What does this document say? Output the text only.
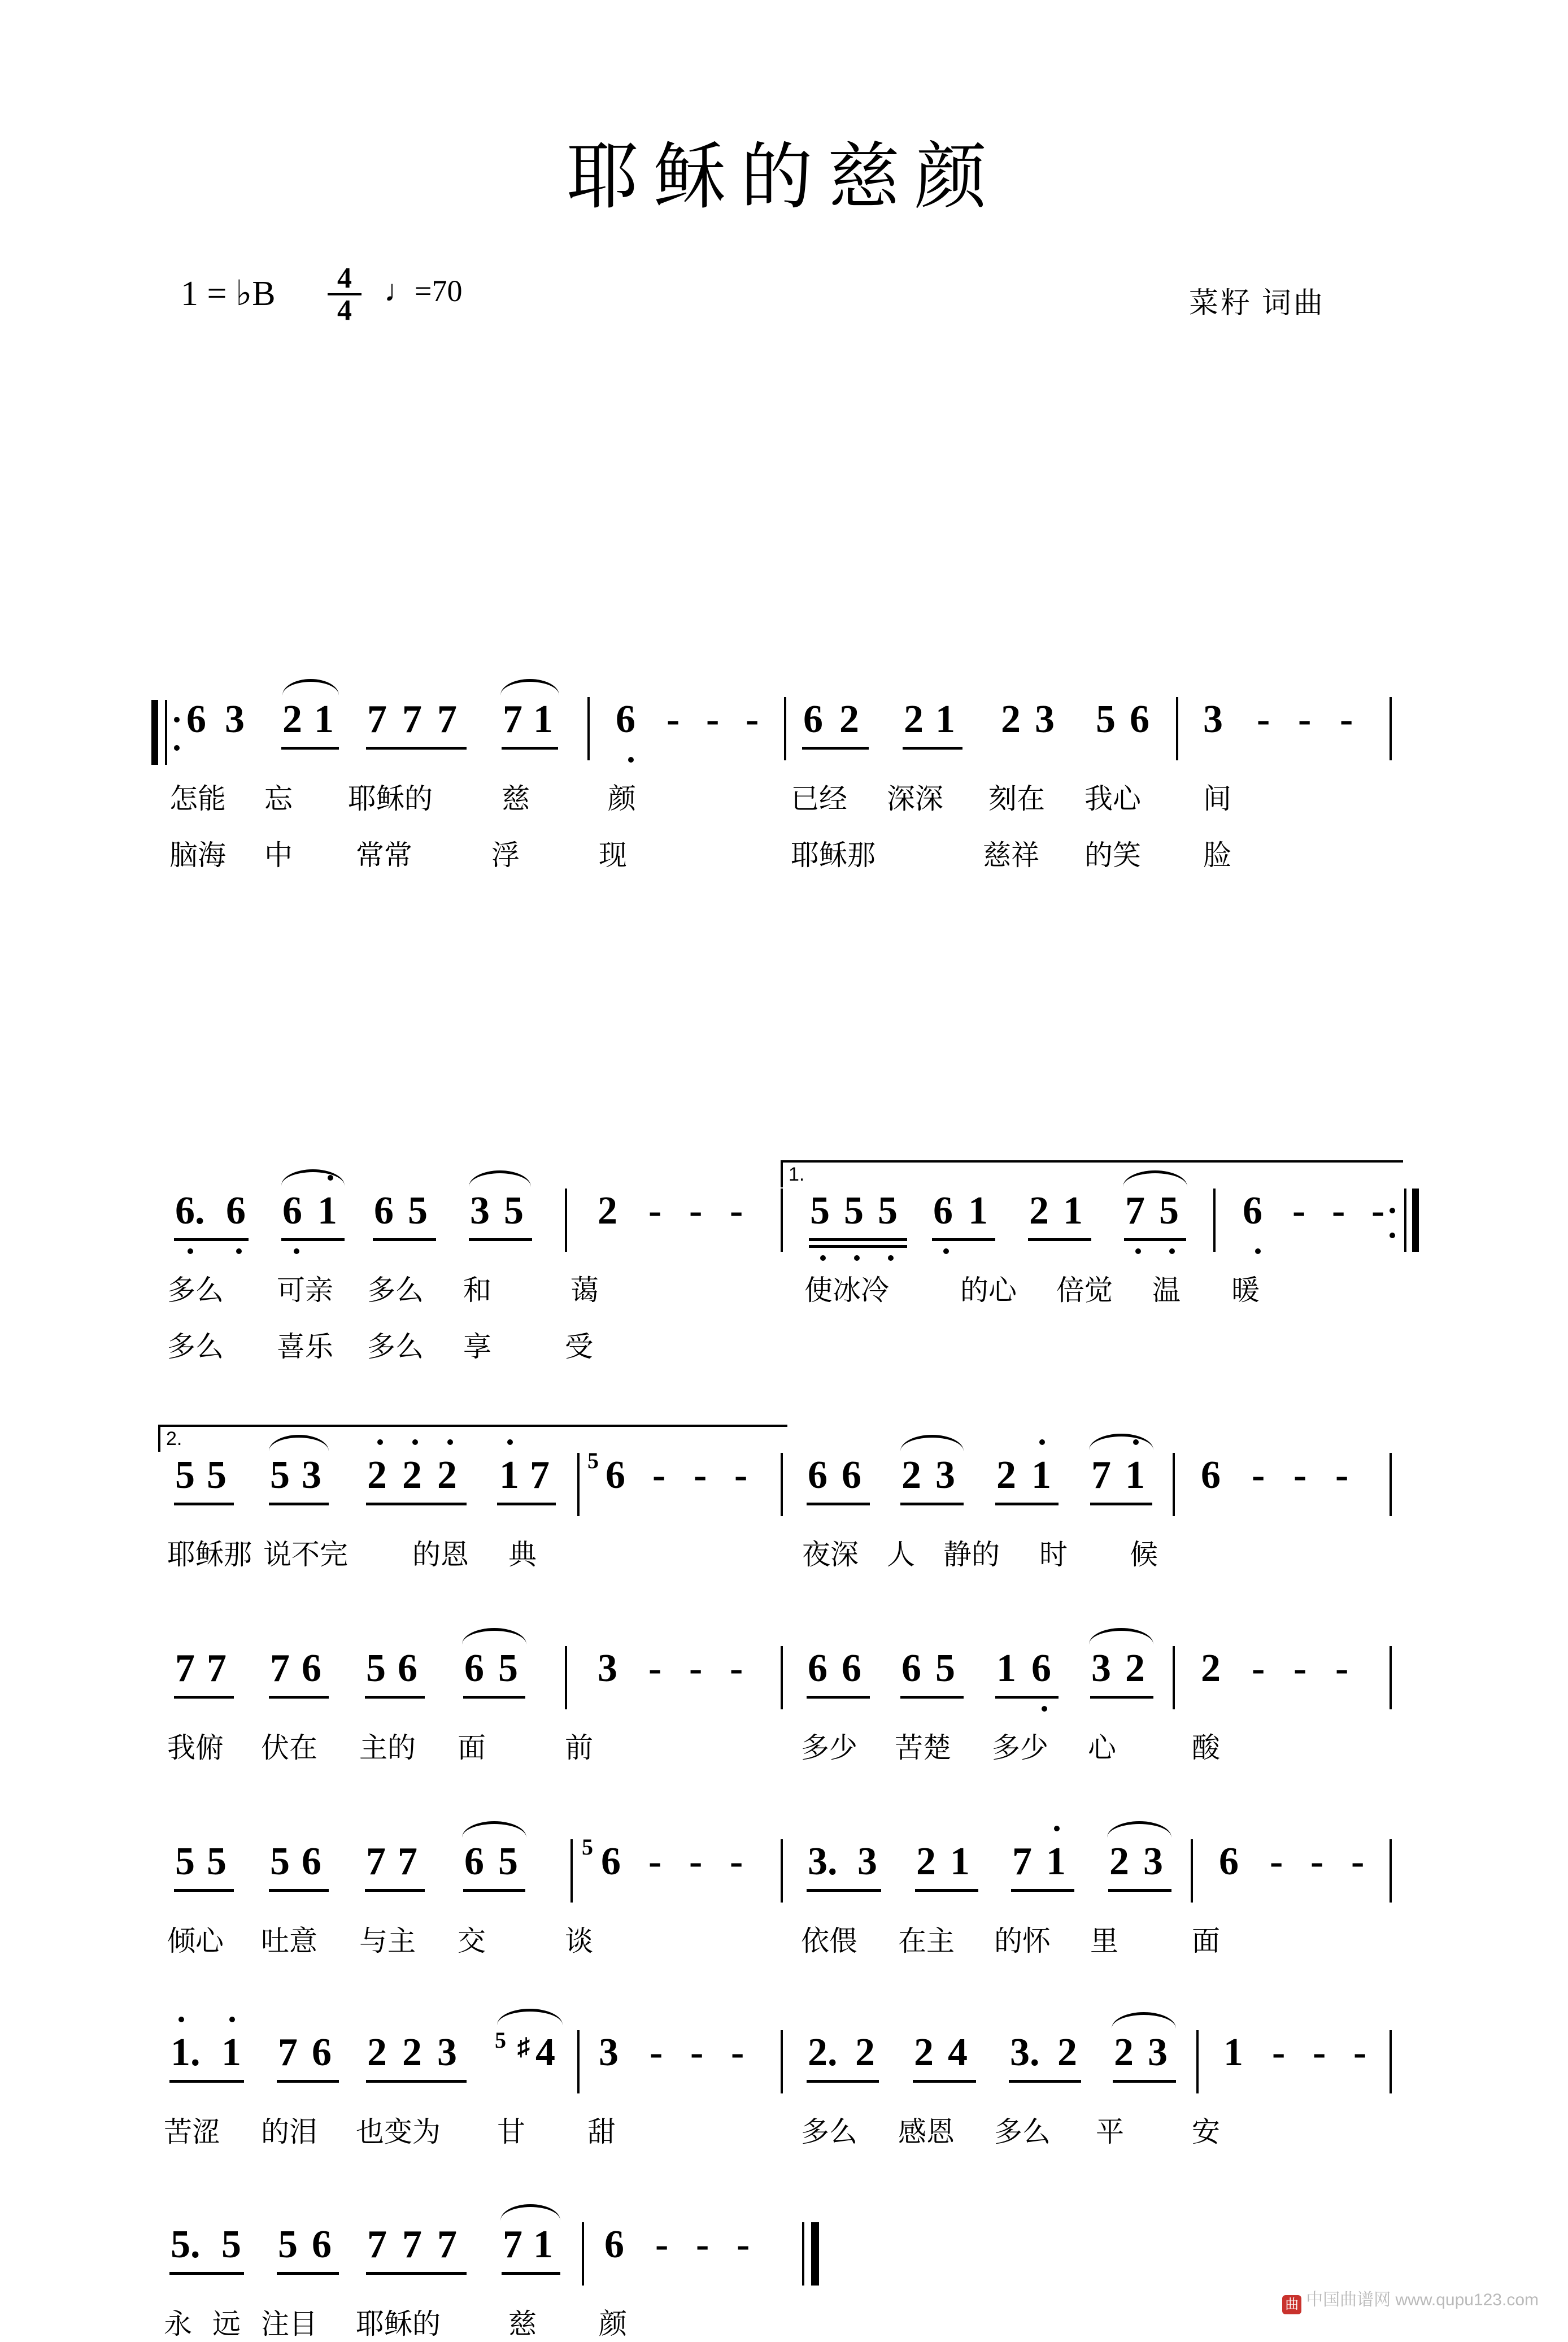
耶稣的慈颜
1 = ♭B $\frac{4}{4}$ ♩=70	菜籽 词曲
6 3 2 1 7 7 7 7 1 6 - - - 6 2 2 1 2 3 5 6 3 - - -
怎能 忘 耶稣的 慈	颜	已经 深深 刻在 我心 间
脑海 中 常常	浮	现	耶稣那	慈祥 的笑 脸
1.
6. 6 6 1 6 5 3 5 2 - - - 5 5 5 6 1 2 1 7 5 6 - - -
多么 可亲 多么 和	蔼	使冰冷	的心 倍觉 温 暖
多么 喜乐 多么 享	受
2.
5 5 5 3 2 2 2 1 7 5 6 - - - 6 6 2 3 2 1 7 1 6 - - -
耶稣那 说不完 的恩 典	夜深 人 静的 时 候
7 7 7 6 5 6 6 5 3 - - - 6 6 6 5 1 6 3 2 2 - - -
我俯 伏在 主的 面	前	多少 苦楚 多少 心	酸
5 5 5 6 7 7 6 5	5 6 - - - 3. 3 2 1 7 1 2 3 6 - - -
倾心 吐意 与主 交	谈	依偎 在主 的怀 里	面
1. 1 7 6 2 2 3 5 ♯ 4 3 - - - 2. 2 2 4 3. 2 2 3 1 - - -
苦涩 的泪 也变为 甘 甜	多么 感恩 多么 平 安
5. 5 5 6 7 7 7 7 1 6 - - -
永 远 注目 耶稣的 慈 颜
曲 中国曲谱网 www.qupu123.com
